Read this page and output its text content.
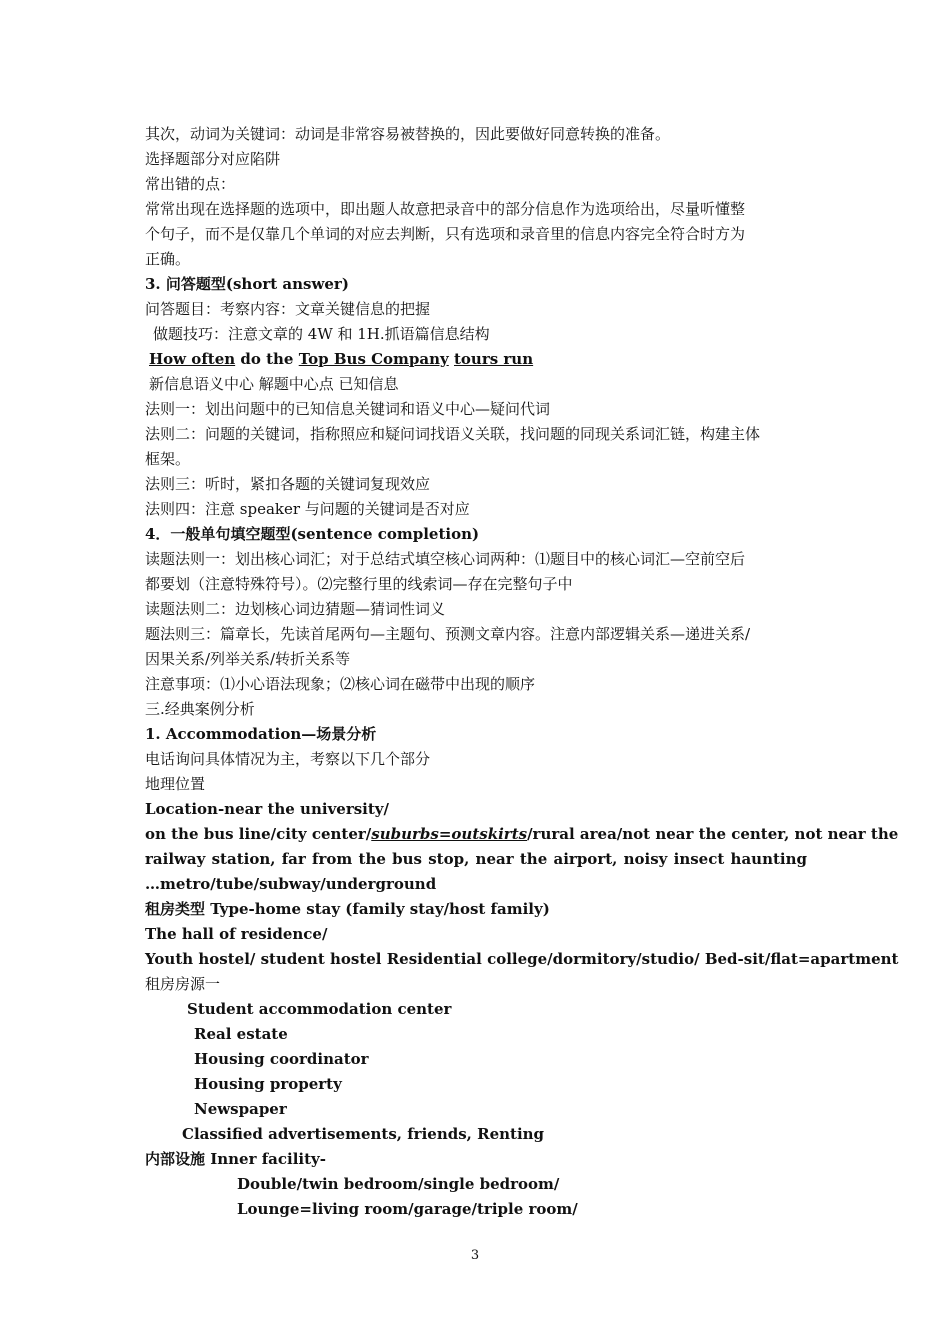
其次，动词为关键词：动词是非常容易被替换的，因此要做好同意转换的准备。
选择题部分对应陷阱
常出错的点：
常常出现在选择题的选项中，即出题人故意把录音中的部分信息作为选项给出，尽量听懂整
个句子，而不是仅靠几个单词的对应去判断，只有选项和录音里的信息内容完全符合时方为
正确。
3. 问答题型(short answer)
问答题目：考察内容：文章关键信息的把握
做题技巧：注意文章的 4W 和 1H.抓语篇信息结构
How often do the Top Bus Company tours run
新信息语义中心 解题中心点 已知信息
法则一：划出问题中的已知信息关键词和语义中心—疑问代词
法则二：问题的关键词，指称照应和疑问词找语义关联，找问题的同现关系词汇链，构建主体
框架。
法则三：听时，紧扣各题的关键词复现效应
法则四：注意 speaker 与问题的关键词是否对应
4．一般单句填空题型(sentence completion)
读题法则一：划出核心词汇；对于总结式填空核心词两种：⑴题目中的核心词汇—空前空后
都要划（注意特殊符号）。⑵完整行里的线索词—存在完整句子中
读题法则二：边划核心词边猜题—猜词性词义
题法则三：篇章长，先读首尾两句—主题句、预测文章内容。注意内部逻辑关系—递进关系/
因果关系/列举关系/转折关系等
注意事项：⑴小心语法现象；⑵核心词在磁带中出现的顺序
三.经典案例分析
1. Accommodation—场景分析
电话询问具体情况为主，考察以下几个部分
地理位置
Location-near the university/
on the bus line/city center/suburbs=outskirts/rural area/not near the center, not near the
railway station, far from the bus stop, near the airport, noisy insect haunting
…metro/tube/subway/underground
租房类型 Type-home stay (family stay/host family)
The hall of residence/
Youth hostel/ student hostel Residential college/dormitory/studio/ Bed-sit/flat=apartment
租房房源一
Student accommodation center
Real estate
Housing coordinator
Housing property
Newspaper
Classified advertisements, friends, Renting
内部设施 Inner facility-
Double/twin bedroom/single bedroom/
Lounge=living room/garage/triple room/
3
